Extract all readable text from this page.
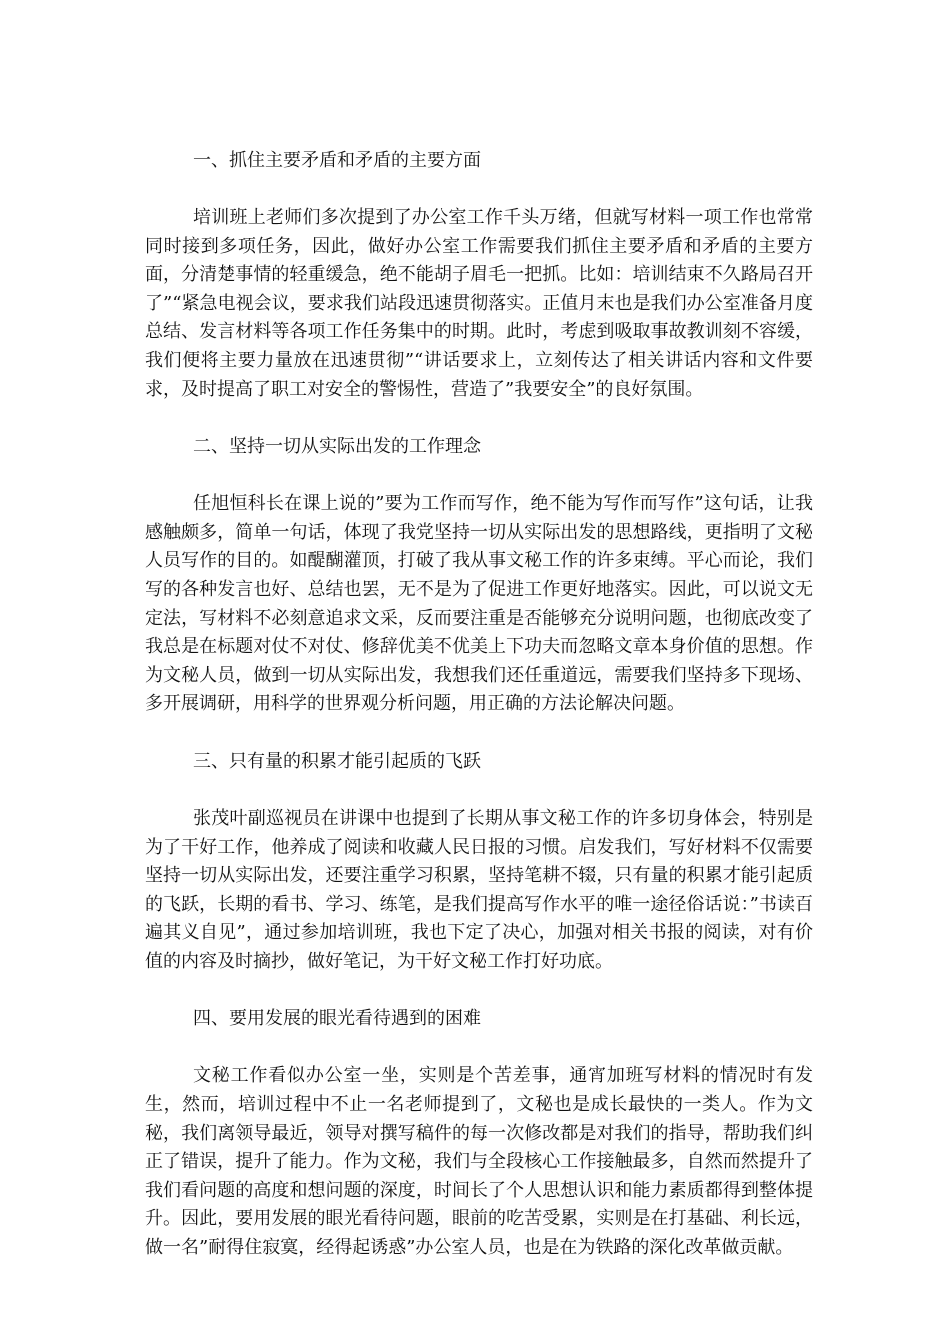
一、抓住主要矛盾和矛盾的主要方面

培训班上老师们多次提到了办公室工作千头万绪，但就写材料一项工作也常常同时接到多项任务，因此，做好办公室工作需要我们抓住主要矛盾和矛盾的主要方面，分清楚事情的轻重缓急，绝不能胡子眉毛一把抓。比如：培训结束不久路局召开了”“紧急电视会议，要求我们站段迅速贯彻落实。正值月末也是我们办公室准备月度总结、发言材料等各项工作任务集中的时期。此时，考虑到吸取事故教训刻不容缓，我们便将主要力量放在迅速贯彻”“讲话要求上，立刻传达了相关讲话内容和文件要求，及时提高了职工对安全的警惕性，营造了”我要安全”的良好氛围。

二、坚持一切从实际出发的工作理念

任旭恒科长在课上说的”要为工作而写作，绝不能为写作而写作”这句话，让我感触颇多，简单一句话，体现了我党坚持一切从实际出发的思想路线，更指明了文秘人员写作的目的。如醍醐灌顶，打破了我从事文秘工作的许多束缚。平心而论，我们写的各种发言也好、总结也罢，无不是为了促进工作更好地落实。因此，可以说文无定法，写材料不必刻意追求文采，反而要注重是否能够充分说明问题，也彻底改变了我总是在标题对仗不对仗、修辞优美不优美上下功夫而忽略文章本身价值的思想。作为文秘人员，做到一切从实际出发，我想我们还任重道远，需要我们坚持多下现场、多开展调研，用科学的世界观分析问题，用正确的方法论解决问题。

三、只有量的积累才能引起质的飞跃

张茂叶副巡视员在讲课中也提到了长期从事文秘工作的许多切身体会，特别是为了干好工作，他养成了阅读和收藏人民日报的习惯。启发我们，写好材料不仅需要坚持一切从实际出发，还要注重学习积累，坚持笔耕不辍，只有量的积累才能引起质的飞跃，长期的看书、学习、练笔，是我们提高写作水平的唯一途径俗话说：”书读百遍其义自见”，通过参加培训班，我也下定了决心，加强对相关书报的阅读，对有价值的内容及时摘抄，做好笔记，为干好文秘工作打好功底。

四、要用发展的眼光看待遇到的困难

文秘工作看似办公室一坐，实则是个苦差事，通宵加班写材料的情况时有发生，然而，培训过程中不止一名老师提到了，文秘也是成长最快的一类人。作为文秘，我们离领导最近，领导对撰写稿件的每一次修改都是对我们的指导，帮助我们纠正了错误，提升了能力。作为文秘，我们与全段核心工作接触最多，自然而然提升了我们看问题的高度和想问题的深度，时间长了个人思想认识和能力素质都得到整体提升。因此，要用发展的眼光看待问题，眼前的吃苦受累，实则是在打基础、利长远，做一名”耐得住寂寞，经得起诱惑”办公室人员，也是在为铁路的深化改革做贡献。
